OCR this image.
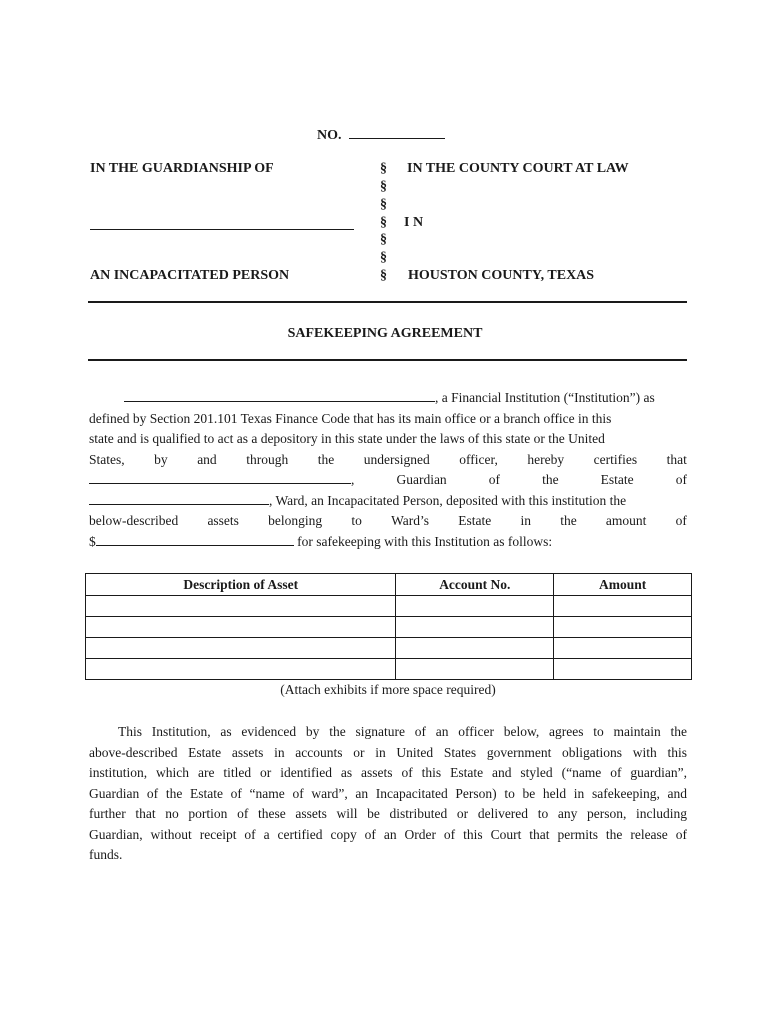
NO.
IN THE GUARDIANSHIP OF
AN INCAPACITATED PERSON
§
§
§
§
§
§
§
IN THE COUNTY COURT AT LAW
I N
HOUSTON COUNTY, TEXAS
SAFEKEEPING AGREEMENT
, a Financial Institution (“Institution”) as
defined by Section 201.101 Texas Finance Code that has its main office or a branch office in this
state and is qualified to act as a depository in this state under the laws of this state or the United
States, by and through the undersigned officer, hereby certifies that
,	Guardian	of	the	Estate	of
, Ward, an Incapacitated Person, deposited with this institution the
below-described assets belonging to Ward’s Estate in the amount of
$	for safekeeping with this Institution as follows:
Description of Asset	Account No.	Amount

(Attach exhibits if more space required)
This Institution, as evidenced by the signature of an officer below, agrees to maintain the
above-described Estate assets in accounts or in United States government obligations with this
institution, which are titled or identified as assets of this Estate and styled (“name of guardian”,
Guardian of the Estate of “name of ward”, an Incapacitated Person) to be held in safekeeping, and
further that no portion of these assets will be distributed or delivered to any person, including
Guardian, without receipt of a certified copy of an Order of this Court that permits the release of
funds.
